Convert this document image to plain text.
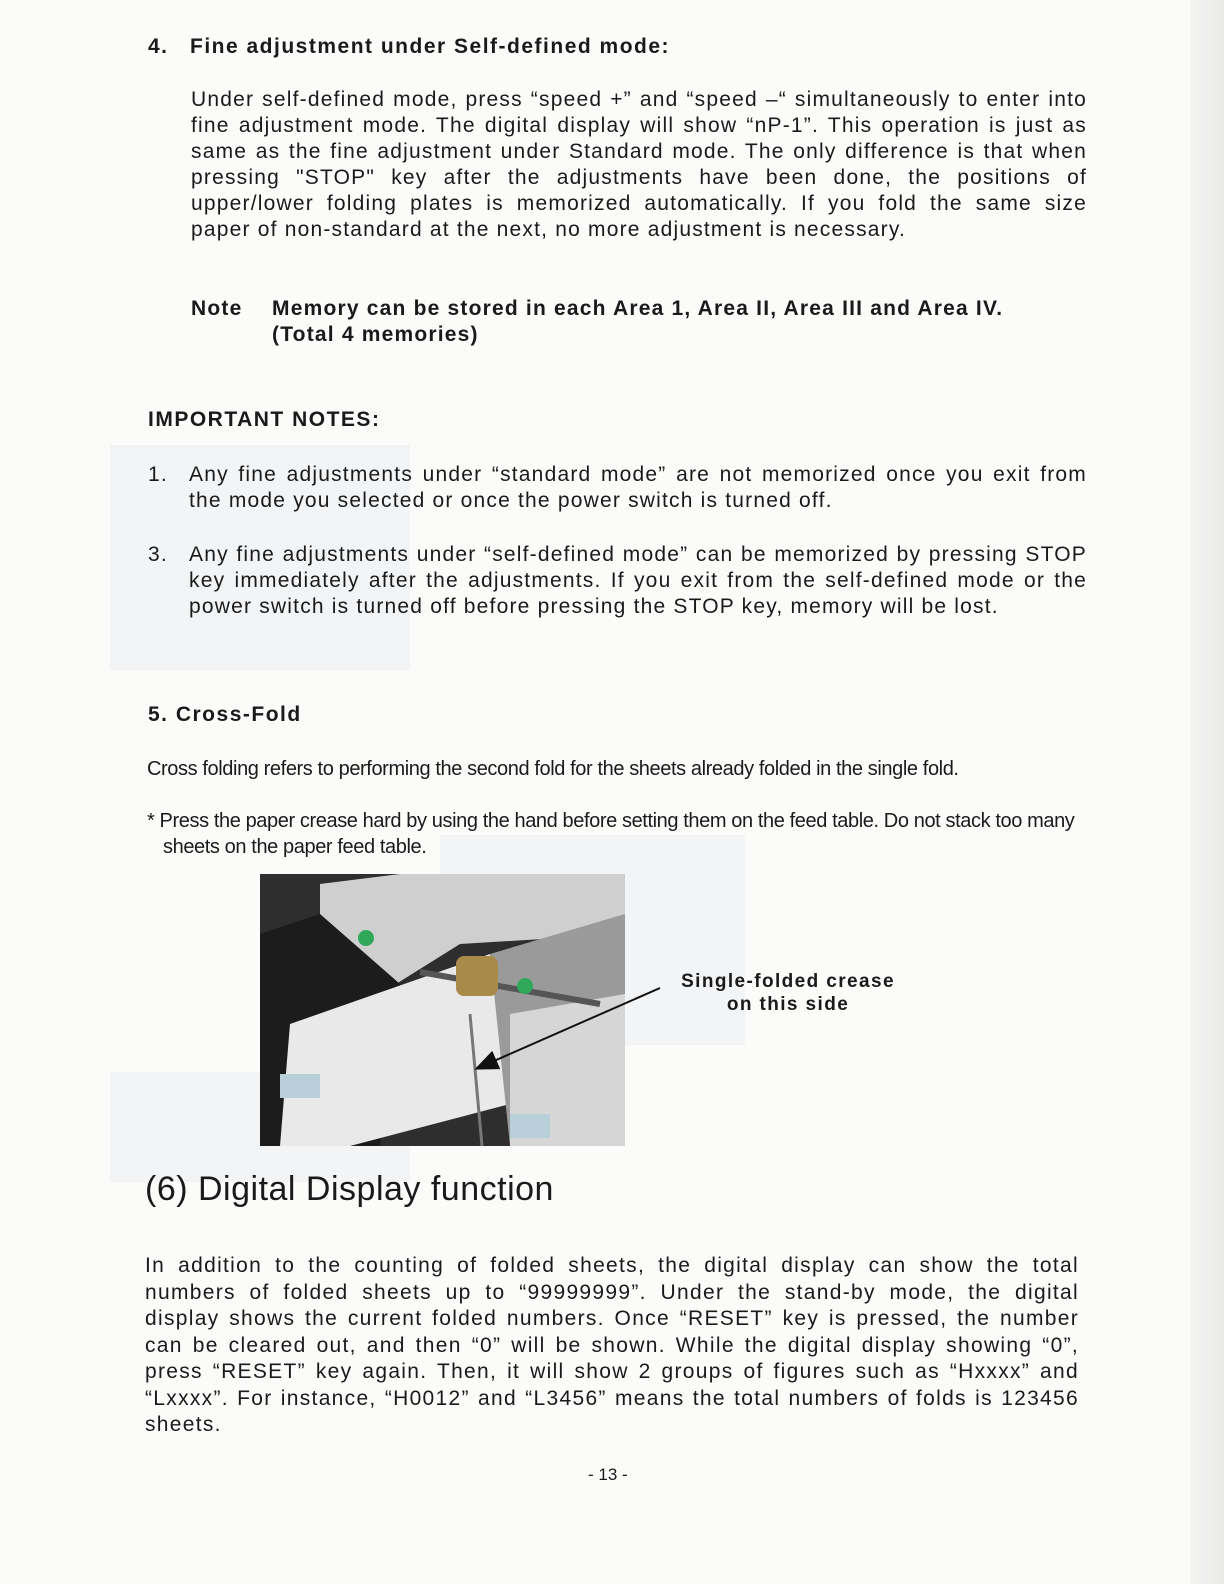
4. Fine adjustment under Self-defined mode:
Under self-defined mode, press “speed +” and “speed –“ simultaneously to enter into fine adjustment mode. The digital display will show “nP-1”. This operation is just as same as the fine adjustment under Standard mode. The only difference is that when pressing "STOP" key after the adjustments have been done, the positions of upper/lower folding plates is memorized automatically. If you fold the same size paper of non-standard at the next, no more adjustment is necessary.
Note Memory can be stored in each Area 1, Area II, Area III and Area IV. (Total 4 memories)
IMPORTANT NOTES:
1. Any fine adjustments under “standard mode” are not memorized once you exit from the mode you selected or once the power switch is turned off.
3. Any fine adjustments under “self-defined mode” can be memorized by pressing STOP key immediately after the adjustments. If you exit from the self-defined mode or the power switch is turned off before pressing the STOP key, memory will be lost.
5. Cross-Fold
Cross folding refers to performing the second fold for the sheets already folded in the single fold.
* Press the paper crease hard by using the hand before setting them on the feed table. Do not stack too many sheets on the paper feed table.
Single-folded crease on this side
(6) Digital Display function
In addition to the counting of folded sheets, the digital display can show the total numbers of folded sheets up to “99999999”. Under the stand-by mode, the digital display shows the current folded numbers. Once “RESET” key is pressed, the number can be cleared out, and then “0” will be shown. While the digital display showing “0”, press “RESET” key again. Then, it will show 2 groups of figures such as “Hxxxx” and “Lxxxx”. For instance, “H0012” and “L3456” means the total numbers of folds is 123456 sheets.
- 13 -
